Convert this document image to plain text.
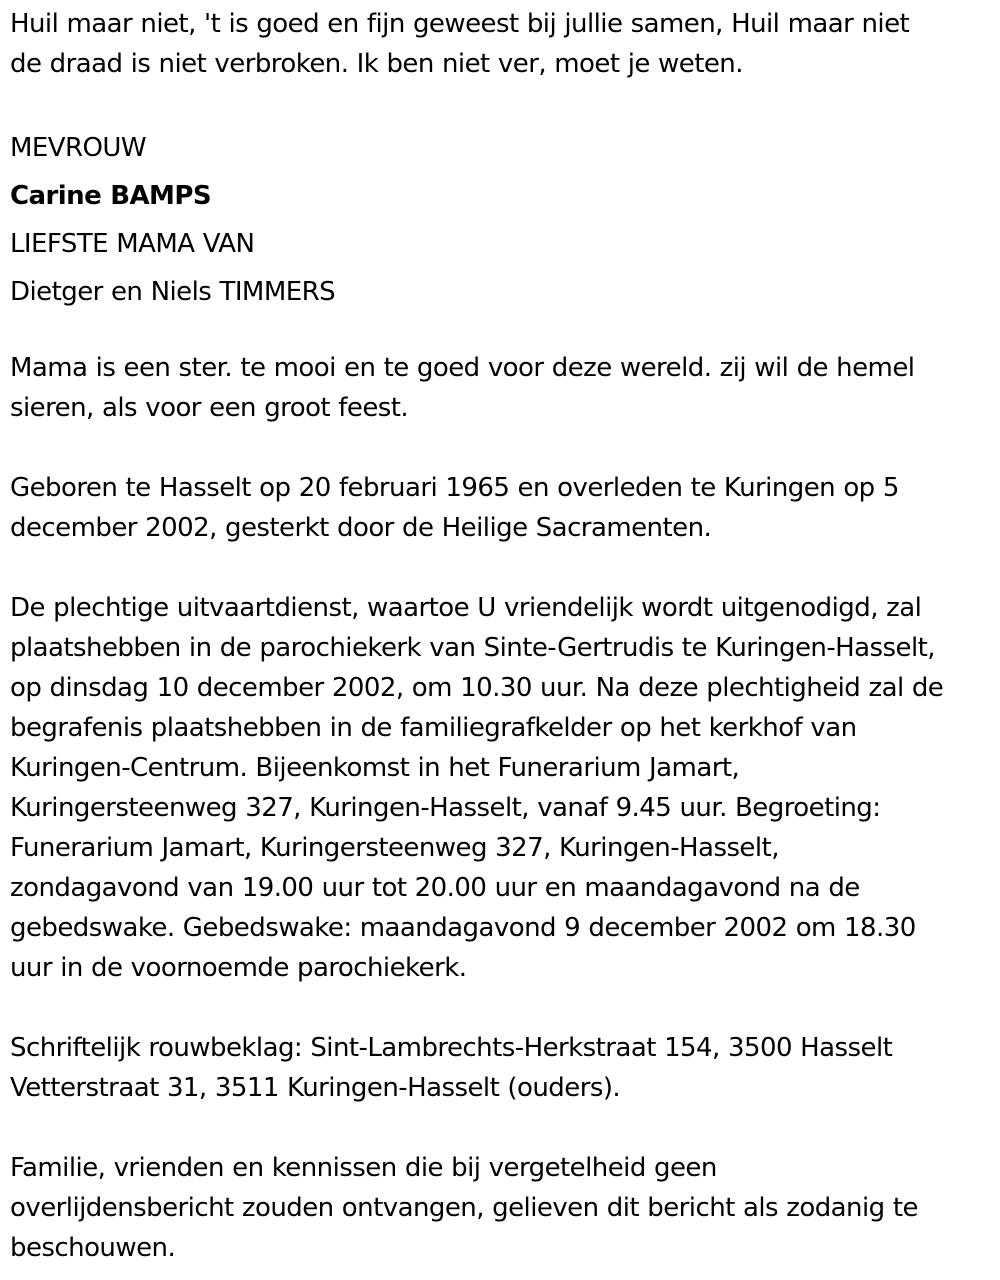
Huil maar niet, 't is goed en fijn geweest bij jullie samen, Huil maar niet

de draad is niet verbroken. Ik ben niet ver, moet je weten.

MEVROUW

Carine BAMPS

LIEFSTE MAMA VAN

Dietger en Niels TIMMERS

Mama is een ster. te mooi en te goed voor deze wereld. zij wil de hemel

sieren, als voor een groot feest.

Geboren te Hasselt op 20 februari 1965 en overleden te Kuringen op 5

december 2002, gesterkt door de Heilige Sacramenten.

De plechtige uitvaartdienst, waartoe U vriendelijk wordt uitgenodigd, zal

plaatshebben in de parochiekerk van Sinte-Gertrudis te Kuringen-Hasselt,

op dinsdag 10 december 2002, om 10.30 uur. Na deze plechtigheid zal de

begrafenis plaatshebben in de familiegrafkelder op het kerkhof van

Kuringen-Centrum. Bijeenkomst in het Funerarium Jamart,

Kuringersteenweg 327, Kuringen-Hasselt, vanaf 9.45 uur. Begroeting:

Funerarium Jamart, Kuringersteenweg 327, Kuringen-Hasselt,

zondagavond van 19.00 uur tot 20.00 uur en maandagavond na de

gebedswake. Gebedswake: maandagavond 9 december 2002 om 18.30

uur in de voornoemde parochiekerk.

Schriftelijk rouwbeklag: Sint-Lambrechts-Herkstraat 154, 3500 Hasselt

Vetterstraat 31, 3511 Kuringen-Hasselt (ouders).

Familie, vrienden en kennissen die bij vergetelheid geen

overlijdensbericht zouden ontvangen, gelieven dit bericht als zodanig te

beschouwen.
